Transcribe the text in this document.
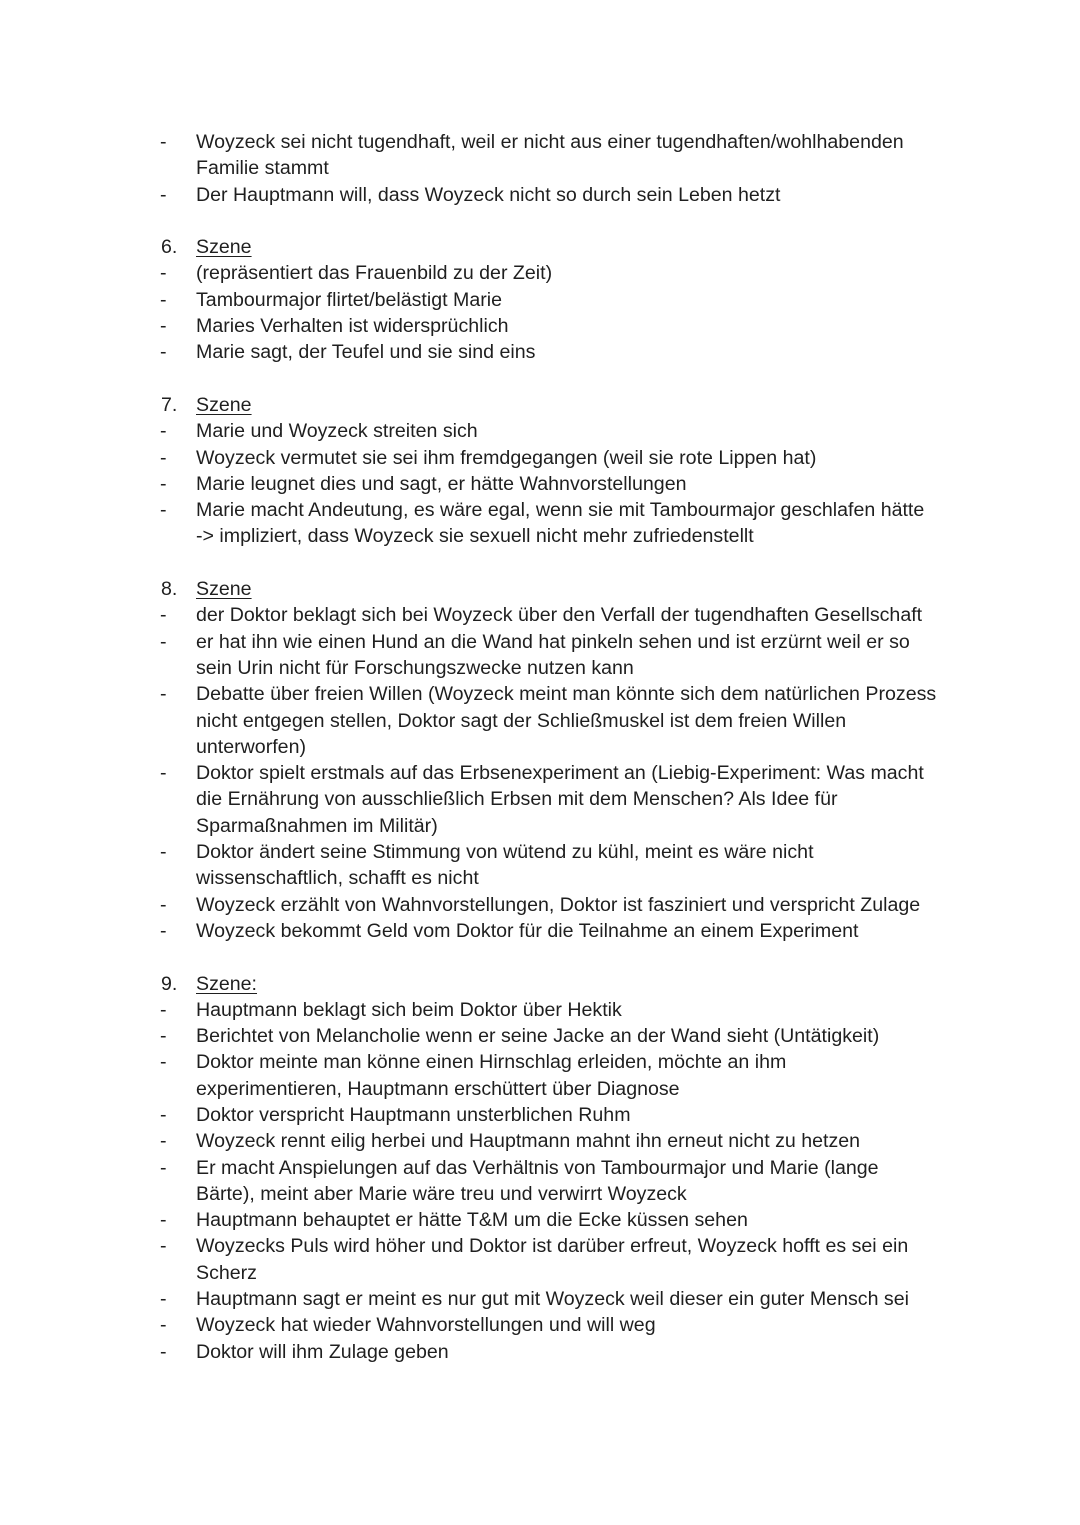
- Woyzeck sei nicht tugendhaft, weil er nicht aus einer tugendhaften/wohlhabenden
Familie stammt
- Der Hauptmann will, dass Woyzeck nicht so durch sein Leben hetzt
6. Szene
- (repräsentiert das Frauenbild zu der Zeit)
- Tambourmajor flirtet/belästigt Marie
- Maries Verhalten ist widersprüchlich
- Marie sagt, der Teufel und sie sind eins
7. Szene
- Marie und Woyzeck streiten sich
- Woyzeck vermutet sie sei ihm fremdgegangen (weil sie rote Lippen hat)
- Marie leugnet dies und sagt, er hätte Wahnvorstellungen
- Marie macht Andeutung, es wäre egal, wenn sie mit Tambourmajor geschlafen hätte
-> impliziert, dass Woyzeck sie sexuell nicht mehr zufriedenstellt
8. Szene
- der Doktor beklagt sich bei Woyzeck über den Verfall der tugendhaften Gesellschaft
- er hat ihn wie einen Hund an die Wand hat pinkeln sehen und ist erzürnt weil er so
sein Urin nicht für Forschungszwecke nutzen kann
- Debatte über freien Willen (Woyzeck meint man könnte sich dem natürlichen Prozess
nicht entgegen stellen, Doktor sagt der Schließmuskel ist dem freien Willen
unterworfen)
- Doktor spielt erstmals auf das Erbsenexperiment an (Liebig-Experiment: Was macht
die Ernährung von ausschließlich Erbsen mit dem Menschen? Als Idee für
Sparmaßnahmen im Militär)
- Doktor ändert seine Stimmung von wütend zu kühl, meint es wäre nicht
wissenschaftlich, schafft es nicht
- Woyzeck erzählt von Wahnvorstellungen, Doktor ist fasziniert und verspricht Zulage
- Woyzeck bekommt Geld vom Doktor für die Teilnahme an einem Experiment
9. Szene:
- Hauptmann beklagt sich beim Doktor über Hektik
- Berichtet von Melancholie wenn er seine Jacke an der Wand sieht (Untätigkeit)
- Doktor meinte man könne einen Hirnschlag erleiden, möchte an ihm
experimentieren, Hauptmann erschüttert über Diagnose
- Doktor verspricht Hauptmann unsterblichen Ruhm
- Woyzeck rennt eilig herbei und Hauptmann mahnt ihn erneut nicht zu hetzen
- Er macht Anspielungen auf das Verhältnis von Tambourmajor und Marie (lange
Bärte), meint aber Marie wäre treu und verwirrt Woyzeck
- Hauptmann behauptet er hätte T&M um die Ecke küssen sehen
- Woyzecks Puls wird höher und Doktor ist darüber erfreut, Woyzeck hofft es sei ein
Scherz
- Hauptmann sagt er meint es nur gut mit Woyzeck weil dieser ein guter Mensch sei
- Woyzeck hat wieder Wahnvorstellungen und will weg
- Doktor will ihm Zulage geben
